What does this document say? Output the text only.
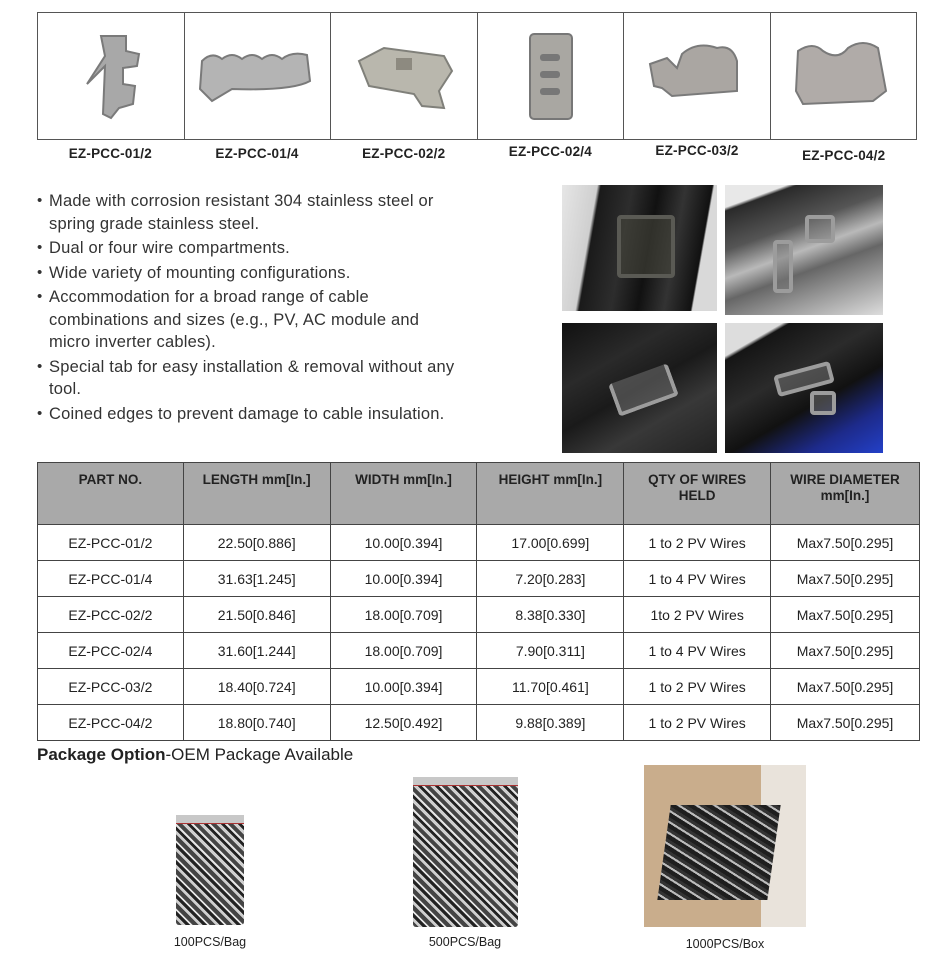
EZ-PCC-01/2	EZ-PCC-01/4	EZ-PCC-02/2	EZ-PCC-02/4	EZ-PCC-03/2	EZ-PCC-04/2
• Made with corrosion resistant 304 stainless steel or spring grade stainless steel.
• Dual or four wire compartments.
• Wide variety of mounting configurations.
• Accommodation for a broad range of cable combinations and sizes (e.g., PV, AC module and micro inverter cables).
• Special tab for easy installation & removal without any tool.
• Coined edges to prevent damage to cable insulation.
PART NO.	LENGTH mm[In.]	WIDTH mm[In.]	HEIGHT mm[In.]	QTY OF WIRES HELD	WIRE DIAMETER mm[In.]
EZ-PCC-01/2	22.50[0.886]	10.00[0.394]	17.00[0.699]	1 to 2 PV Wires	Max7.50[0.295]
EZ-PCC-01/4	31.63[1.245]	10.00[0.394]	7.20[0.283]	1 to 4 PV Wires	Max7.50[0.295]
EZ-PCC-02/2	21.50[0.846]	18.00[0.709]	8.38[0.330]	1to 2 PV Wires	Max7.50[0.295]
EZ-PCC-02/4	31.60[1.244]	18.00[0.709]	7.90[0.311]	1 to 4 PV Wires	Max7.50[0.295]
EZ-PCC-03/2	18.40[0.724]	10.00[0.394]	11.70[0.461]	1 to 2 PV Wires	Max7.50[0.295]
EZ-PCC-04/2	18.80[0.740]	12.50[0.492]	9.88[0.389]	1 to 2 PV Wires	Max7.50[0.295]
Package Option-OEM Package Available
100PCS/Bag	500PCS/Bag	1000PCS/Box
